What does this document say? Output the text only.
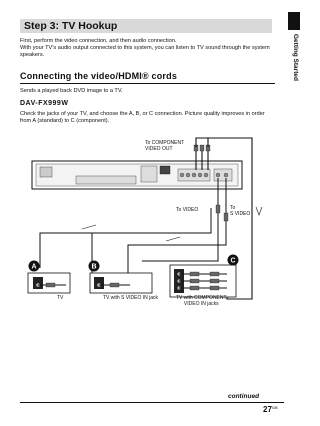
Step 3: TV Hookup
Getting Started
First, perform the video connection, and then audio connection.
With your TV’s audio output connected to this system, you can listen to TV sound through the system speakers.
Connecting the video/HDMI® cords
Sends a played back DVD image to a TV.
DAV-FX999W
Check the jacks of your TV, and choose the A, B, or C connection. Picture quality improves in order from A (standard) to C (component).
A	B
C
To COMPONENT
VIDEO OUT
To VIDEO	To
S VIDEO
TV	TV with S VIDEO IN jack	TV with COMPONENT
VIDEO IN jacks
continued
$27^{GB}$
